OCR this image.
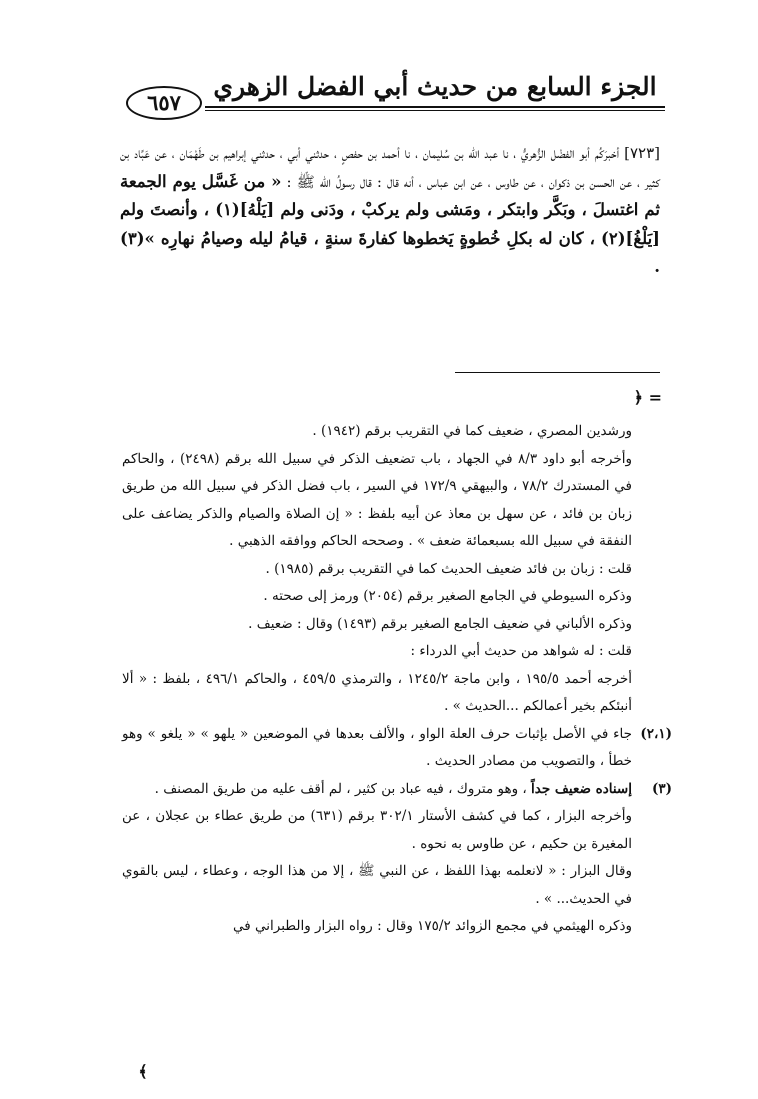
الجزء السابع من حديث أبي الفضل الزهري
٦٥٧

[٧٢٣] أخبرَكُم أبو الفضْل الزُّهريُّ ، نا عبد الله بن سُليمان ، نا أحمد بن حفصٍ ، حدثني أبي ، حدثني إبراهيم بن طَهْمَان ، عن عَبَّاد بن كثير ، عن الحسن بن ذكوان ، عن طاوس ، عن ابن عباس ، أنه قال : قال رسولُ الله ﷺ : « من غَسَّل يوم الجمعة ثم اغتسلَ ، وبَكَّر وابتكر ، ومَشى ولم يركبْ ، ودَنى ولم [يَلْهُ](١) ، وأنصتَ ولم [يَلْغُ](٢) ، كان له بكلِ خُطوةٍ يَخطوها كفارةَ سنةٍ ، قيامُ ليله وصيامُ نهارِه »(٣) .

= ﴿

ورشدين المصري ، ضعيف كما في التقريب برقم (١٩٤٢) .

وأخرجه أبو داود ٨/٣ في الجهاد ، باب تضعيف الذكر في سبيل الله برقم (٢٤٩٨) ، والحاكم في المستدرك ٧٨/٢ ، والبيهقي ١٧٢/٩ في السير ، باب فضل الذكر في سبيل الله من طريق زبان بن فائد ، عن سهل بن معاذ عن أبيه بلفظ : « إن الصلاة والصيام والذكر يضاعف على النفقة في سبيل الله بسبعمائة ضعف » . وصححه الحاكم ووافقه الذهبي .

قلت : زبان بن فائد ضعيف الحديث كما في التقريب برقم (١٩٨٥) .

وذكره السيوطي في الجامع الصغير برقم (٢٠٥٤) ورمز إلى صحته .

وذكره الألباني في ضعيف الجامع الصغير برقم (١٤٩٣) وقال : ضعيف .

قلت : له شواهد من حديث أبي الدرداء :

أخرجه أحمد ١٩٥/٥ ، وابن ماجة ١٢٤٥/٢ ، والترمذي ٤٥٩/٥ ، والحاكم ٤٩٦/١ ، بلفظ : « ألا أنبئكم بخير أعمالكم ...الحديث » .

(٢،١)جاء في الأصل بإثبات حرف العلة الواو ، والألف بعدها في الموضعين « يلهو » « يلغو » وهو خطأ ، والتصويب من مصادر الحديث .

(٣)إسناده ضعيف جداً ، وهو متروك ، فيه عباد بن كثير ، لم أقف عليه من طريق المصنف .

وأخرجه البزار ، كما في كشف الأستار ٣٠٢/١ برقم (٦٣١) من طريق عطاء بن عجلان ، عن المغيرة بن حكيم ، عن طاوس به نحوه .

وقال البزار : « لانعلمه بهذا اللفظ ، عن النبي ﷺ ، إلا من هذا الوجه ، وعطاء ، ليس بالقوي في الحديث... » .

وذكره الهيثمي في مجمع الزوائد ١٧٥/٢ وقال : رواه البزار والطبراني في

﴾
